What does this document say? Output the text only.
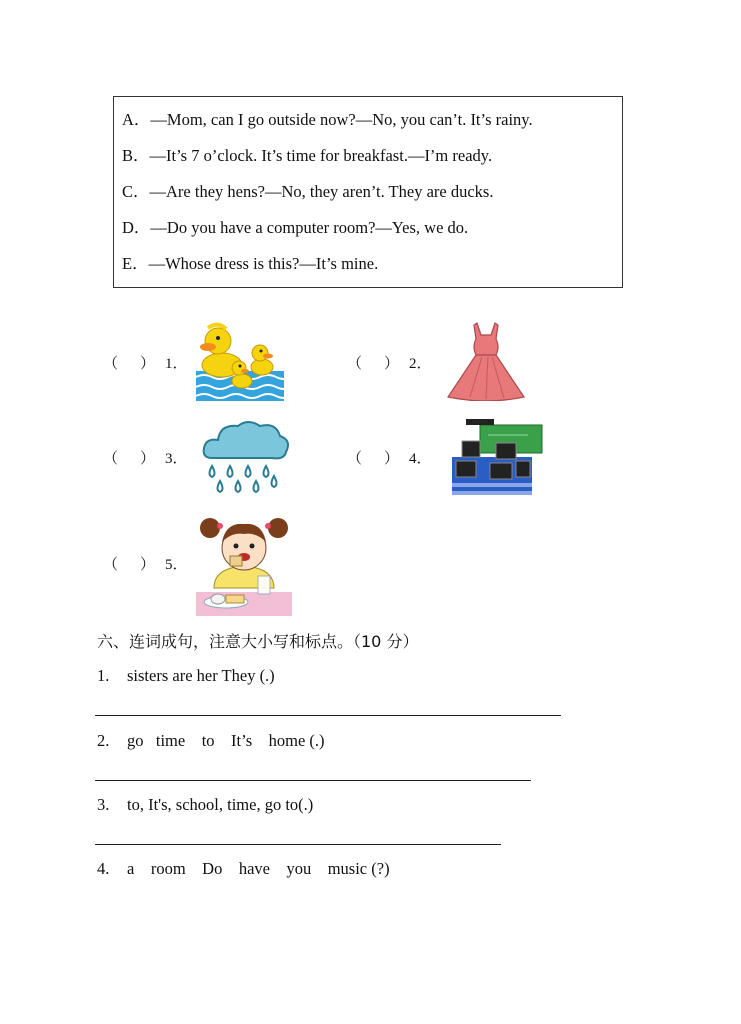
A．—Mom, can I go outside now?—No, you can’t. It’s rainy.
B．—It’s 7 o’clock. It’s time for breakfast.—I’m ready.
C．—Are they hens?—No, they aren’t. They are ducks.
D．—Do you have a computer room?—Yes, we do.
E．—Whose dress is this?—It’s mine.
（ ） 1．	（ ） 2．
（ ） 3．	（ ） 4．
（ ） 5．
六、连词成句，注意大小写和标点。（10 分）
1. sisters are her They (.)
2. go   time    to    It’s    home (.)
3. to, It's, school, time, go to(.)
4. a    room    Do    have    you    music (?)
